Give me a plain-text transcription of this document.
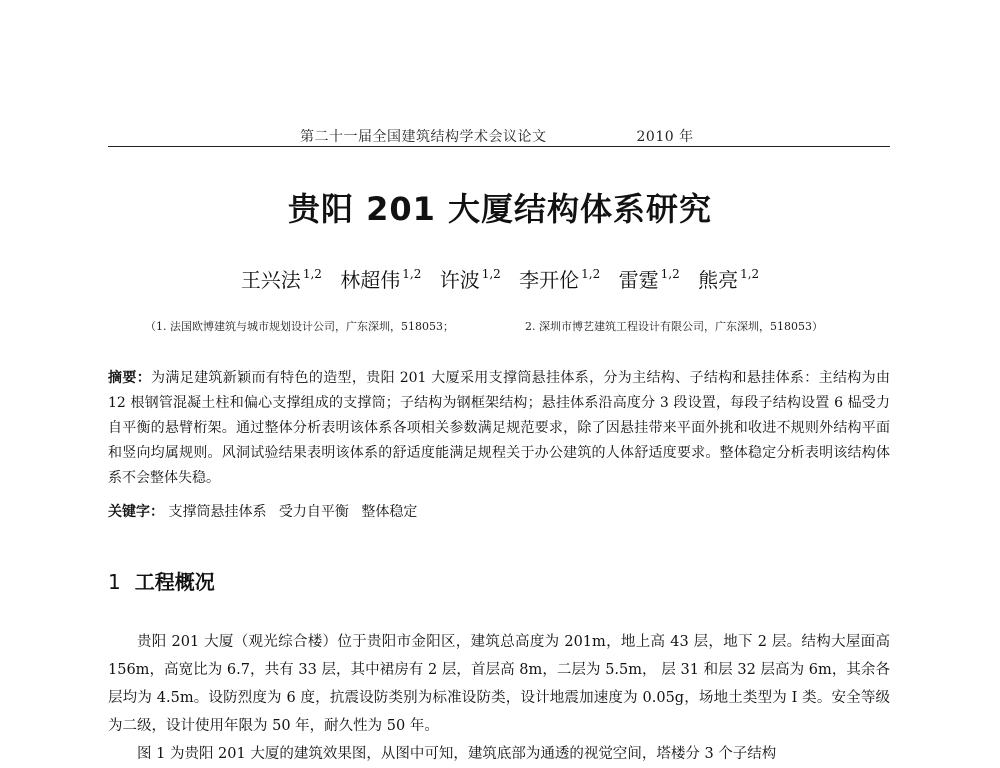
第二十一届全国建筑结构学术会议论文	2010 年
贵阳 201 大厦结构体系研究
王兴法 $^{1,2}$ 林超伟 $^{1,2}$ 许波 $^{1,2}$ 李开伦 $^{1,2}$ 雷霆 $^{1,2}$ 熊亮 $^{1,2}$
（1. 法国欧博建筑与城市规划设计公司，广东深圳，518053；	2. 深圳市博艺建筑工程设计有限公司，广东深圳，518053）
摘要：为满足建筑新颖而有特色的造型，贵阳 201 大厦采用支撑筒悬挂体系，分为主结构、子结构和悬挂体系：主结构为由 12 根钢管混凝土柱和偏心支撑组成的支撑筒；子结构为钢框架结构；悬挂体系沿高度分 3 段设置，每段子结构设置 6 榀受力自平衡的悬臂桁架。通过整体分析表明该体系各项相关参数满足规范要求，除了因悬挂带来平面外挑和收进不规则外结构平面和竖向均属规则。风洞试验结果表明该体系的舒适度能满足规程关于办公建筑的人体舒适度要求。整体稳定分析表明该结构体系不会整体失稳。
关键字： 支撑筒悬挂体系 受力自平衡 整体稳定
1 工程概况

贵阳 201 大厦（观光综合楼）位于贵阳市金阳区，建筑总高度为 201m，地上高 43 层，地下 2 层。结构大屋面高 156m，高宽比为 6.7，共有 33 层，其中裙房有 2 层，首层高 8m，二层为 5.5m， 层 31 和层 32 层高为 6m，其余各层均为 4.5m。设防烈度为 6 度，抗震设防类别为标准设防类，设计地震加速度为 0.05g，场地土类型为 I 类。安全等级为二级，设计使用年限为 50 年，耐久性为 50 年。

图 1 为贵阳 201 大厦的建筑效果图，从图中可知，建筑底部为通透的视觉空间，塔楼分 3 个子结构
